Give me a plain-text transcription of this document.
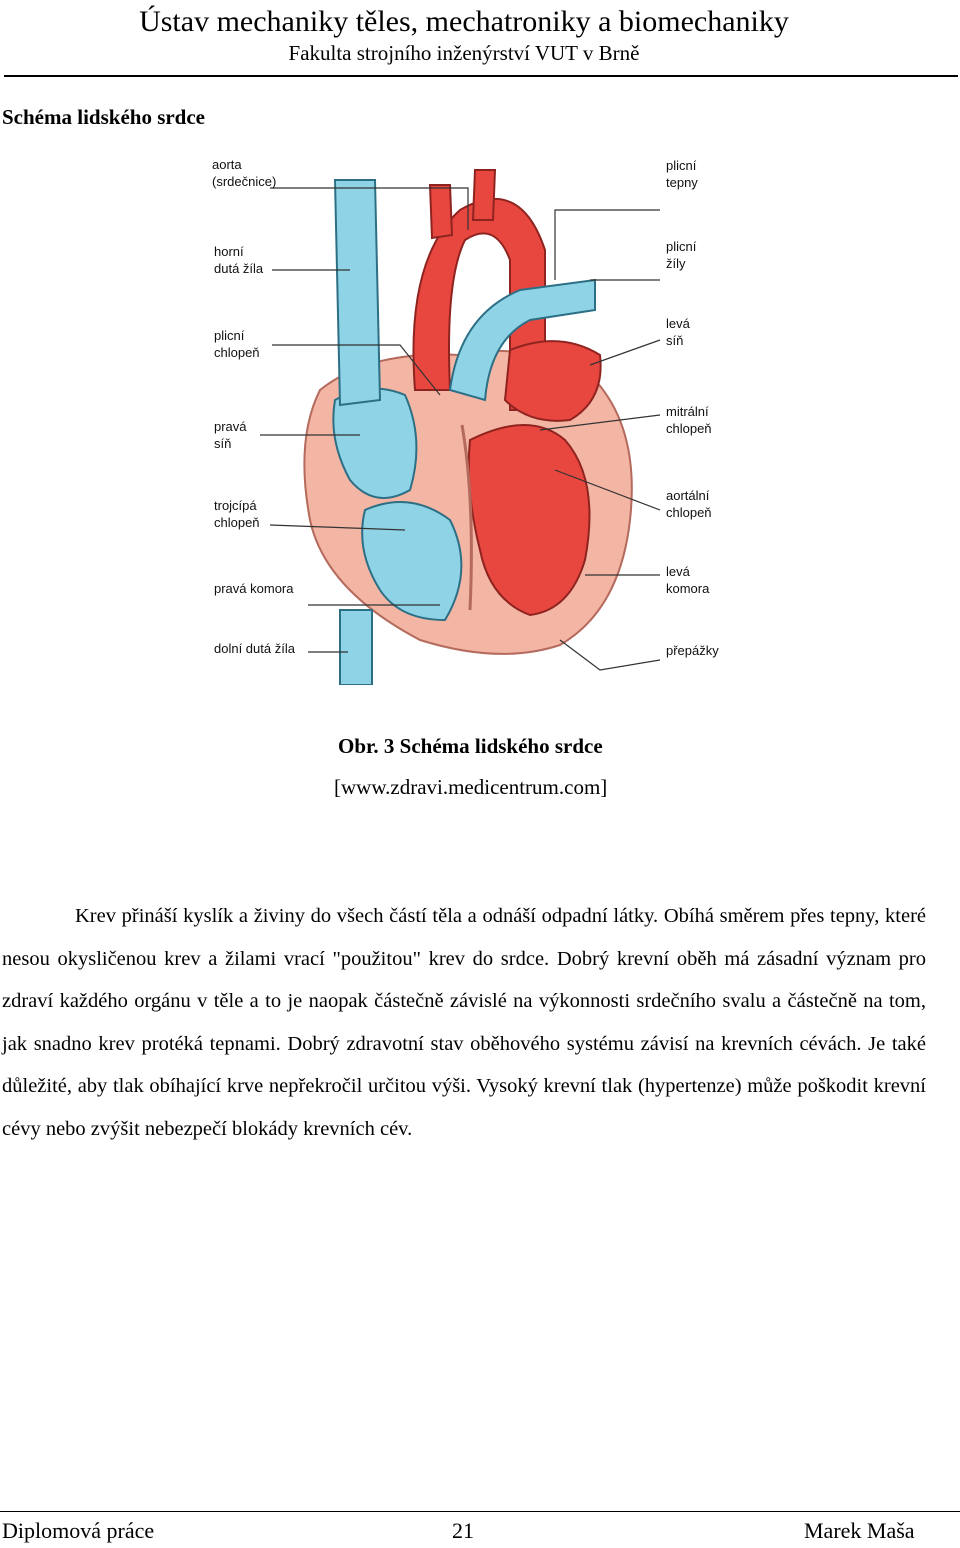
Ústav mechaniky těles, mechatroniky a biomechaniky
Fakulta strojního inženýrství VUT v Brně
Schéma lidského srdce
aorta
(srdečnice)
horní
dutá žíla
plicní
chlopeň
pravá
síň
trojcípá
chlopeň
pravá komora
dolní dutá žíla
plicní
tepny
plicní
žíly
levá
síň
mitrální
chlopeň
aortální
chlopeň
levá
komora
přepážky
Obr. 3 Schéma lidského srdce
[www.zdravi.medicentrum.com]
Krev přináší kyslík a živiny do všech částí těla a odnáší odpadní látky. Obíhá směrem přes tepny, které nesou okysličenou krev a žilami vrací "použitou" krev do srdce. Dobrý krevní oběh má zásadní význam pro zdraví každého orgánu v těle a to je naopak částečně závislé na výkonnosti srdečního svalu a částečně na tom, jak snadno krev protéká tepnami. Dobrý zdravotní stav oběhového systému závisí na krevních cévách. Je také důležité, aby tlak obíhající krve nepřekročil určitou výši. Vysoký krevní tlak (hypertenze) může poškodit krevní cévy nebo zvýšit nebezpečí blokády krevních cév.
Diplomová práce	21	Marek Maša
